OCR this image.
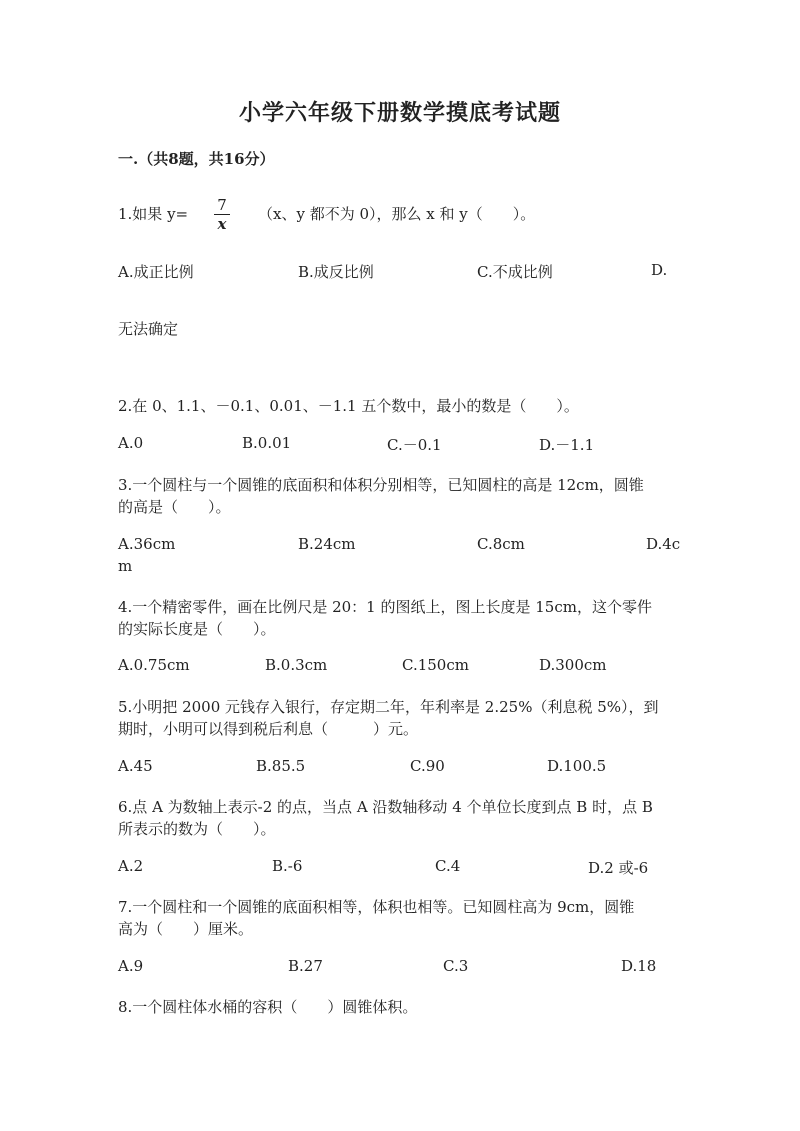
小学六年级下册数学摸底考试题
一.（共8题，共16分）
1.如果 y=	7
x
（x、y 都不为 0），那么 x 和 y（　　）。
A.成正比例	B.成反比例	C.不成比例	D.
无法确定
2.在 0、1.1、－0.1、0.01、－1.1 五个数中，最小的数是（　　）。
A.0	B.0.01	C.－0.1	D.－1.1
3.一个圆柱与一个圆锥的底面积和体积分别相等，已知圆柱的高是 12cm，圆锥
的高是（　　）。
A.36cm	B.24cm	C.8cm	D.4c
m
4.一个精密零件，画在比例尺是 20：1 的图纸上，图上长度是 15cm，这个零件
的实际长度是（　　）。
A.0.75cm	B.0.3cm	C.150cm	D.300cm
5.小明把 2000 元钱存入银行，存定期二年，年利率是 2.25%（利息税 5%），到
期时，小明可以得到税后利息（　　　）元。
A.45	B.85.5	C.90	D.100.5
6.点 A 为数轴上表示-2 的点，当点 A 沿数轴移动 4 个单位长度到点 B 时，点 B
所表示的数为（　　）。
A.2	B.-6	C.4	D.2 或-6
7.一个圆柱和一个圆锥的底面积相等，体积也相等。已知圆柱高为 9cm，圆锥
高为（　　）厘米。
A.9	B.27	C.3	D.18
8.一个圆柱体水桶的容积（　　）圆锥体积。
